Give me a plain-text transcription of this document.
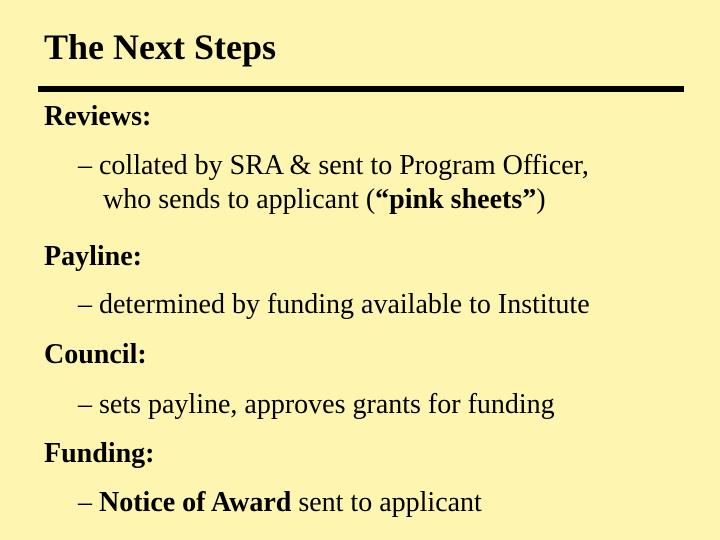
The Next Steps
Reviews:
– collated by SRA & sent to Program Officer,
who sends to applicant (“pink sheets”)
Payline:
– determined by funding available to Institute
Council:
– sets payline, approves grants for funding
Funding:
– Notice of Award sent to applicant
